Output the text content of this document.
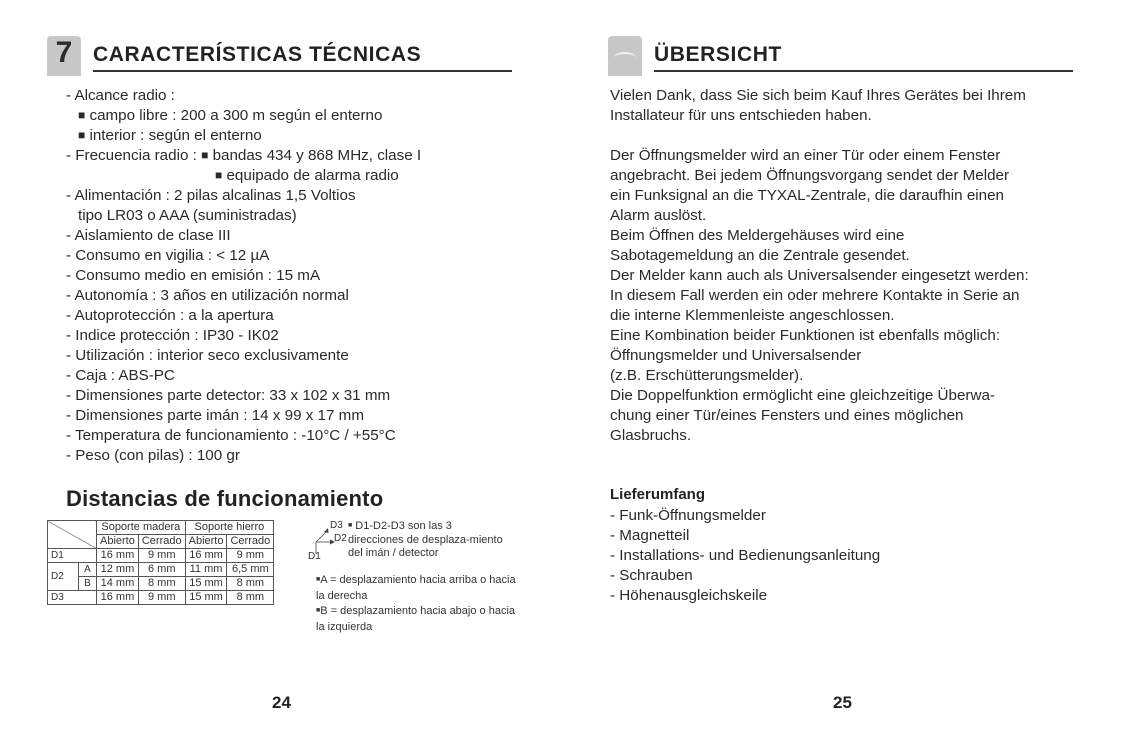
7 CARACTERÍSTICAS TÉCNICAS
- Alcance radio :
■ campo libre : 200 a 300 m según el enterno
■ interior : según el enterno
- Frecuencia radio : ■ bandas 434 y 868 MHz, clase I
■ equipado de alarma radio
- Alimentación : 2 pilas alcalinas 1,5 Voltios
tipo LR03 o AAA (suministradas)
- Aislamiento de clase III
- Consumo en vigilia : < 12 µA
- Consumo medio en emisión : 15 mA
- Autonomía : 3 años en utilización normal
- Autoprotección : a la apertura
- Indice protección : IP30 - IK02
- Utilización : interior seco exclusivamente
- Caja : ABS-PC
- Dimensiones parte detector: 33 x 102 x 31 mm
- Dimensiones parte imán : 14 x 99 x 17 mm
- Temperatura de funcionamiento : -10°C / +55°C
- Peso (con pilas) : 100 gr
Distancias de funcionamiento
		Soporte madera		Soporte hierro	
		Abierto	Cerrado	Abierto	Cerrado
D1		16 mm	9 mm	16 mm	9 mm
D2	A	12 mm	6 mm	11 mm	6,5 mm
	B	14 mm	8 mm	15 mm	8 mm
D3		16 mm	9 mm	15 mm	8 mm
D1
D2
D3 ■ D1-D2-D3 son las 3 direcciones de desplaza-miento del imán / detector
■A = desplazamiento hacia arriba o hacia la derecha
■B = desplazamiento hacia abajo o hacia la izquierda
24
ÜBERSICHT
Vielen Dank, dass Sie sich beim Kauf Ihres Gerätes bei Ihrem
Installateur für uns entschieden haben.

Der Öffnungsmelder wird an einer Tür oder einem Fenster
angebracht. Bei jedem Öffnungsvorgang sendet der Melder
ein Funksignal an die TYXAL-Zentrale, die daraufhin einen
Alarm auslöst.
Beim Öffnen des Meldergehäuses wird eine
Sabotagemeldung an die Zentrale gesendet.
Der Melder kann auch als Universalsender eingesetzt werden:
In diesem Fall werden ein oder mehrere Kontakte in Serie an
die interne Klemmenleiste angeschlossen.
Eine Kombination beider Funktionen ist ebenfalls möglich:
Öffnungsmelder und Universalsender
(z.B. Erschütterungsmelder).
Die Doppelfunktion ermöglicht eine gleichzeitige Überwa-
chung einer Tür/eines Fensters und eines möglichen
Glasbruchs.
Lieferumfang
- Funk-Öffnungsmelder
- Magnetteil
- Installations- und Bedienungsanleitung
- Schrauben
- Höhenausgleichskeile
25
